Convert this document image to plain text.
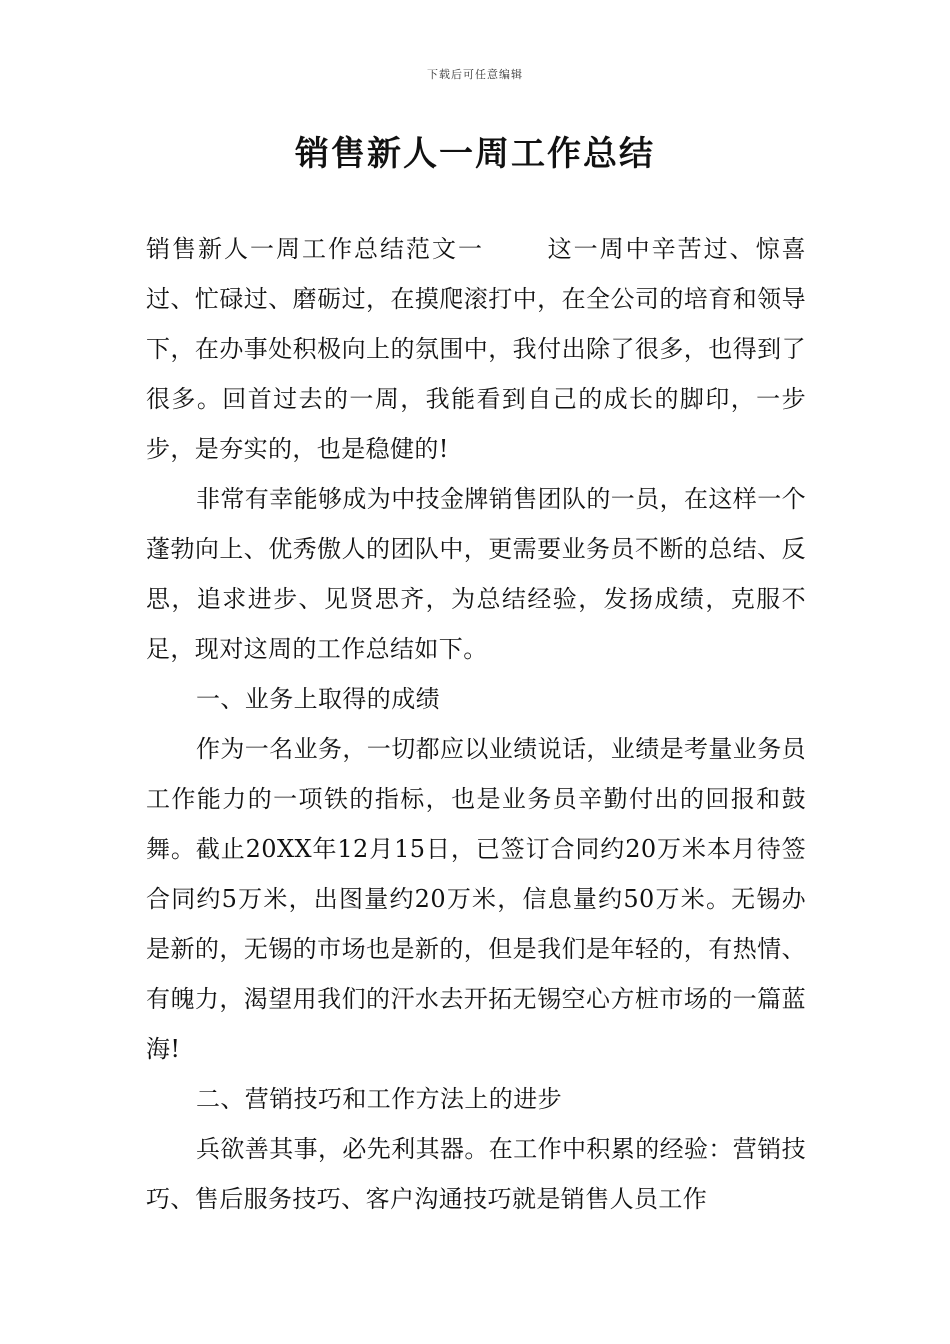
下载后可任意编辑
销售新人一周工作总结

销售新人一周工作总结范文一	这一周中辛苦过、惊喜过、忙碌过、磨砺过，在摸爬滚打中，在全公司的培育和领导下，在办事处积极向上的氛围中，我付出除了很多，也得到了很多。回首过去的一周，我能看到自己的成长的脚印，一步步，是夯实的，也是稳健的!

非常有幸能够成为中技金牌销售团队的一员，在这样一个蓬勃向上、优秀傲人的团队中，更需要业务员不断的总结、反思，追求进步、见贤思齐，为总结经验，发扬成绩，克服不足，现对这周的工作总结如下。

一、业务上取得的成绩

作为一名业务，一切都应以业绩说话，业绩是考量业务员工作能力的一项铁的指标，也是业务员辛勤付出的回报和鼓舞。截止20XX年12月15日，已签订合同约20万米本月待签合同约5万米，出图量约20万米，信息量约50万米。无锡办是新的，无锡的市场也是新的，但是我们是年轻的，有热情、有魄力，渴望用我们的汗水去开拓无锡空心方桩市场的一篇蓝海!

二、营销技巧和工作方法上的进步

兵欲善其事，必先利其器。在工作中积累的经验：营销技巧、售后服务技巧、客户沟通技巧就是销售人员工作
